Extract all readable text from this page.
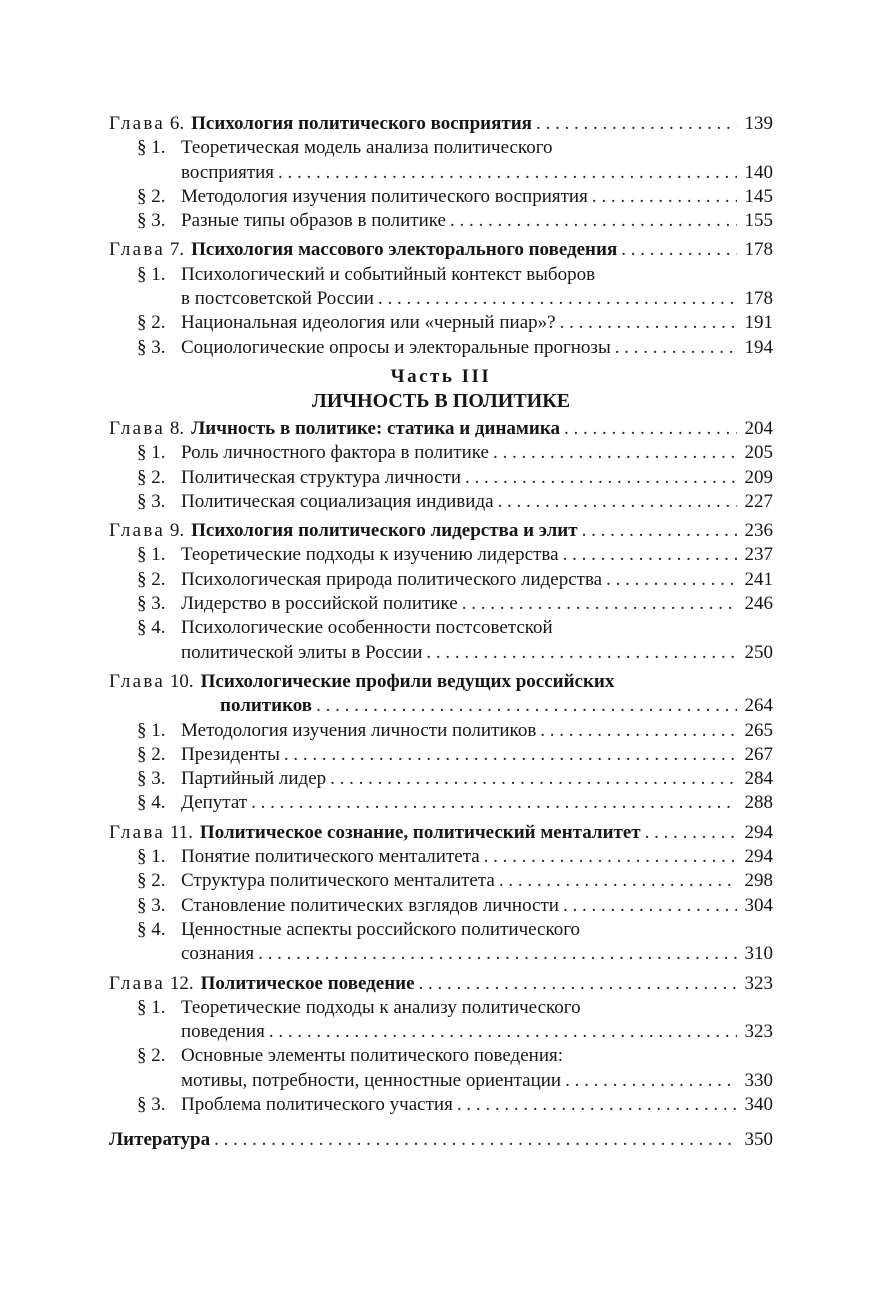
Глава 6. Психология политического восприятия . . .	139
§ 1. Теоретическая модель анализа политического
восприятия . . .	140
§ 2. Методология изучения политического восприятия . . .	145
§ 3. Разные типы образов в политике . . .	155
Глава 7. Психология массового электорального поведения . . .	178
§ 1. Психологический и событийный контекст выборов
в постсоветской России . . .	178
§ 2. Национальная идеология или «черный пиар»? . . .	191
§ 3. Социологические опросы и электоральные прогнозы . . .	194
Часть III
ЛИЧНОСТЬ В ПОЛИТИКЕ
Глава 8. Личность в политике: статика и динамика . . .	204
§ 1. Роль личностного фактора в политике . . .	205
§ 2. Политическая структура личности . . .	209
§ 3. Политическая социализация индивида . . .	227
Глава 9. Психология политического лидерства и элит . . .	236
§ 1. Теоретические подходы к изучению лидерства . . .	237
§ 2. Психологическая природа политического лидерства . . .	241
§ 3. Лидерство в российской политике . . .	246
§ 4. Психологические особенности постсоветской
политической элиты в России . . .	250
Глава 10. Психологические профили ведущих российских
политиков . . .	264
§ 1. Методология изучения личности политиков . . .	265
§ 2. Президенты . . .	267
§ 3. Партийный лидер . . .	284
§ 4. Депутат . . .	288
Глава 11. Политическое сознание, политический менталитет . . .	294
§ 1. Понятие политического менталитета . . .	294
§ 2. Структура политического менталитета . . .	298
§ 3. Становление политических взглядов личности . . .	304
§ 4. Ценностные аспекты российского политического
сознания . . .	310
Глава 12. Политическое поведение . . .	323
§ 1. Теоретические подходы к анализу политического
поведения . . .	323
§ 2. Основные элементы политического поведения:
мотивы, потребности, ценностные ориентации . . .	330
§ 3. Проблема политического участия . . .	340
Литература . . .	350
